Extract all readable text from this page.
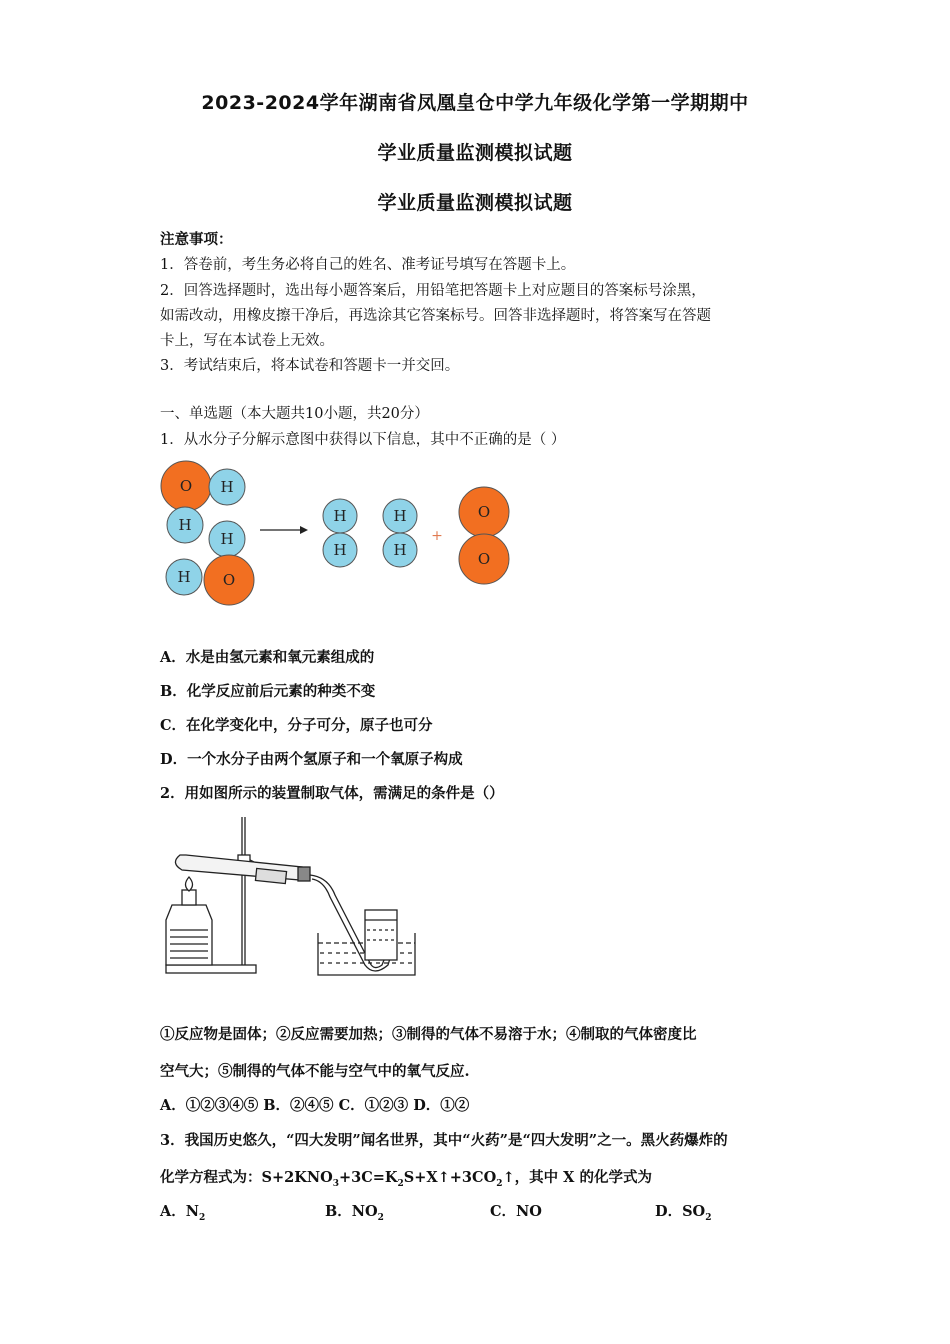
2023-2024学年湖南省凤凰皇仓中学九年级化学第一学期期中
学业质量监测模拟试题
学业质量监测模拟试题
注意事项：
1．答卷前，考生务必将自己的姓名、准考证号填写在答题卡上。
2．回答选择题时，选出每小题答案后，用铅笔把答题卡上对应题目的答案标号涂黑，
如需改动，用橡皮擦干净后，再选涂其它答案标号。回答非选择题时，将答案写在答题
卡上，写在本试卷上无效。
3．考试结束后，将本试卷和答题卡一并交回。
一、单选题（本大题共10小题，共20分）
1．从水分子分解示意图中获得以下信息，其中不正确的是（ ）
O H
H
H
H O
H
H
H
H
O
O
+
A．水是由氢元素和氧元素组成的
B．化学反应前后元素的种类不变
C．在化学变化中，分子可分，原子也可分
D．一个水分子由两个氢原子和一个氧原子构成
2．用如图所示的装置制取气体，需满足的条件是（）
①反应物是固体；②反应需要加热；③制得的气体不易溶于水；④制取的气体密度比
空气大；⑤制得的气体不能与空气中的氧气反应.
A．①②③④⑤ B．②④⑤ C．①②③ D．①②
3．我国历史悠久，“四大发明”闻名世界，其中“火药”是“四大发明”之一。黑火药爆炸的
化学方程式为：$S+2KNO_3+3C=K_2S+X↑+3CO_2↑$，其中 X 的化学式为
A．$N_2$	B．$NO_2$	C．NO	D．$SO_2$
